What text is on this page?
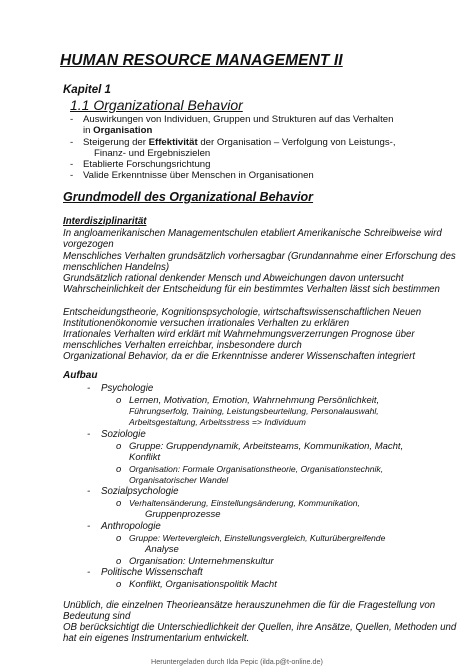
HUMAN RESOURCE MANAGEMENT II
Kapitel 1
1.1 Organizational Behavior
- Auswirkungen von Individuen, Gruppen und Strukturen auf das Verhalten
in Organisation
- Steigerung der Effektivität der Organisation – Verfolgung von Leistungs-,
Finanz- und Ergebniszielen
- Etablierte Forschungsrichtung
- Valide Erkenntnisse über Menschen in Organisationen
Grundmodell des Organizational Behavior
Interdisziplinarität
In angloamerikanischen Managementschulen etabliert Amerikanische Schreibweise wird
vorgezogen
Menschliches Verhalten grundsätzlich vorhersagbar (Grundannahme einer Erforschung des
menschlichen Handelns)
Grundsätzlich rational denkender Mensch und Abweichungen davon untersucht
Wahrscheinlichkeit der Entscheidung für ein bestimmtes Verhalten lässt sich bestimmen
Entscheidungstheorie, Kognitionspsychologie, wirtschaftswissenschaftlichen Neuen
Institutionenökonomie versuchen irrationales Verhalten zu erklären
Irrationales Verhalten wird erklärt mit Wahrnehmungsverzerrungen Prognose über
menschliches Verhalten erreichbar, insbesondere durch
Organizational Behavior, da er die Erkenntnisse anderer Wissenschaften integriert
Aufbau
- Psychologie
o Lernen, Motivation, Emotion, Wahrnehmung Persönlichkeit,
Führungserfolg, Training, Leistungsbeurteilung, Personalauswahl,
Arbeitsgestaltung, Arbeitsstress => Individuum
- Soziologie
o Gruppe: Gruppendynamik, Arbeitsteams, Kommunikation, Macht,
Konflikt
o Organisation: Formale Organisationstheorie, Organisationstechnik,
Organisatorischer Wandel
- Sozialpsychologie
o Verhaltensänderung, Einstellungsänderung, Kommunikation,
Gruppenprozesse
- Anthropologie
o Gruppe: Wertevergleich, Einstellungsvergleich, Kulturübergreifende
Analyse
o Organisation: Unternehmenskultur
- Politische Wissenschaft
o Konflikt, Organisationspolitik Macht
Unüblich, die einzelnen Theorieansätze herauszunehmen die für die Fragestellung von
Bedeutung sind
OB berücksichtigt die Unterschiedlichkeit der Quellen, ihre Ansätze, Quellen, Methoden und
hat ein eigenes Instrumentarium entwickelt.
Heruntergeladen durch Ilda Pepic (ilda.p@t-online.de)
